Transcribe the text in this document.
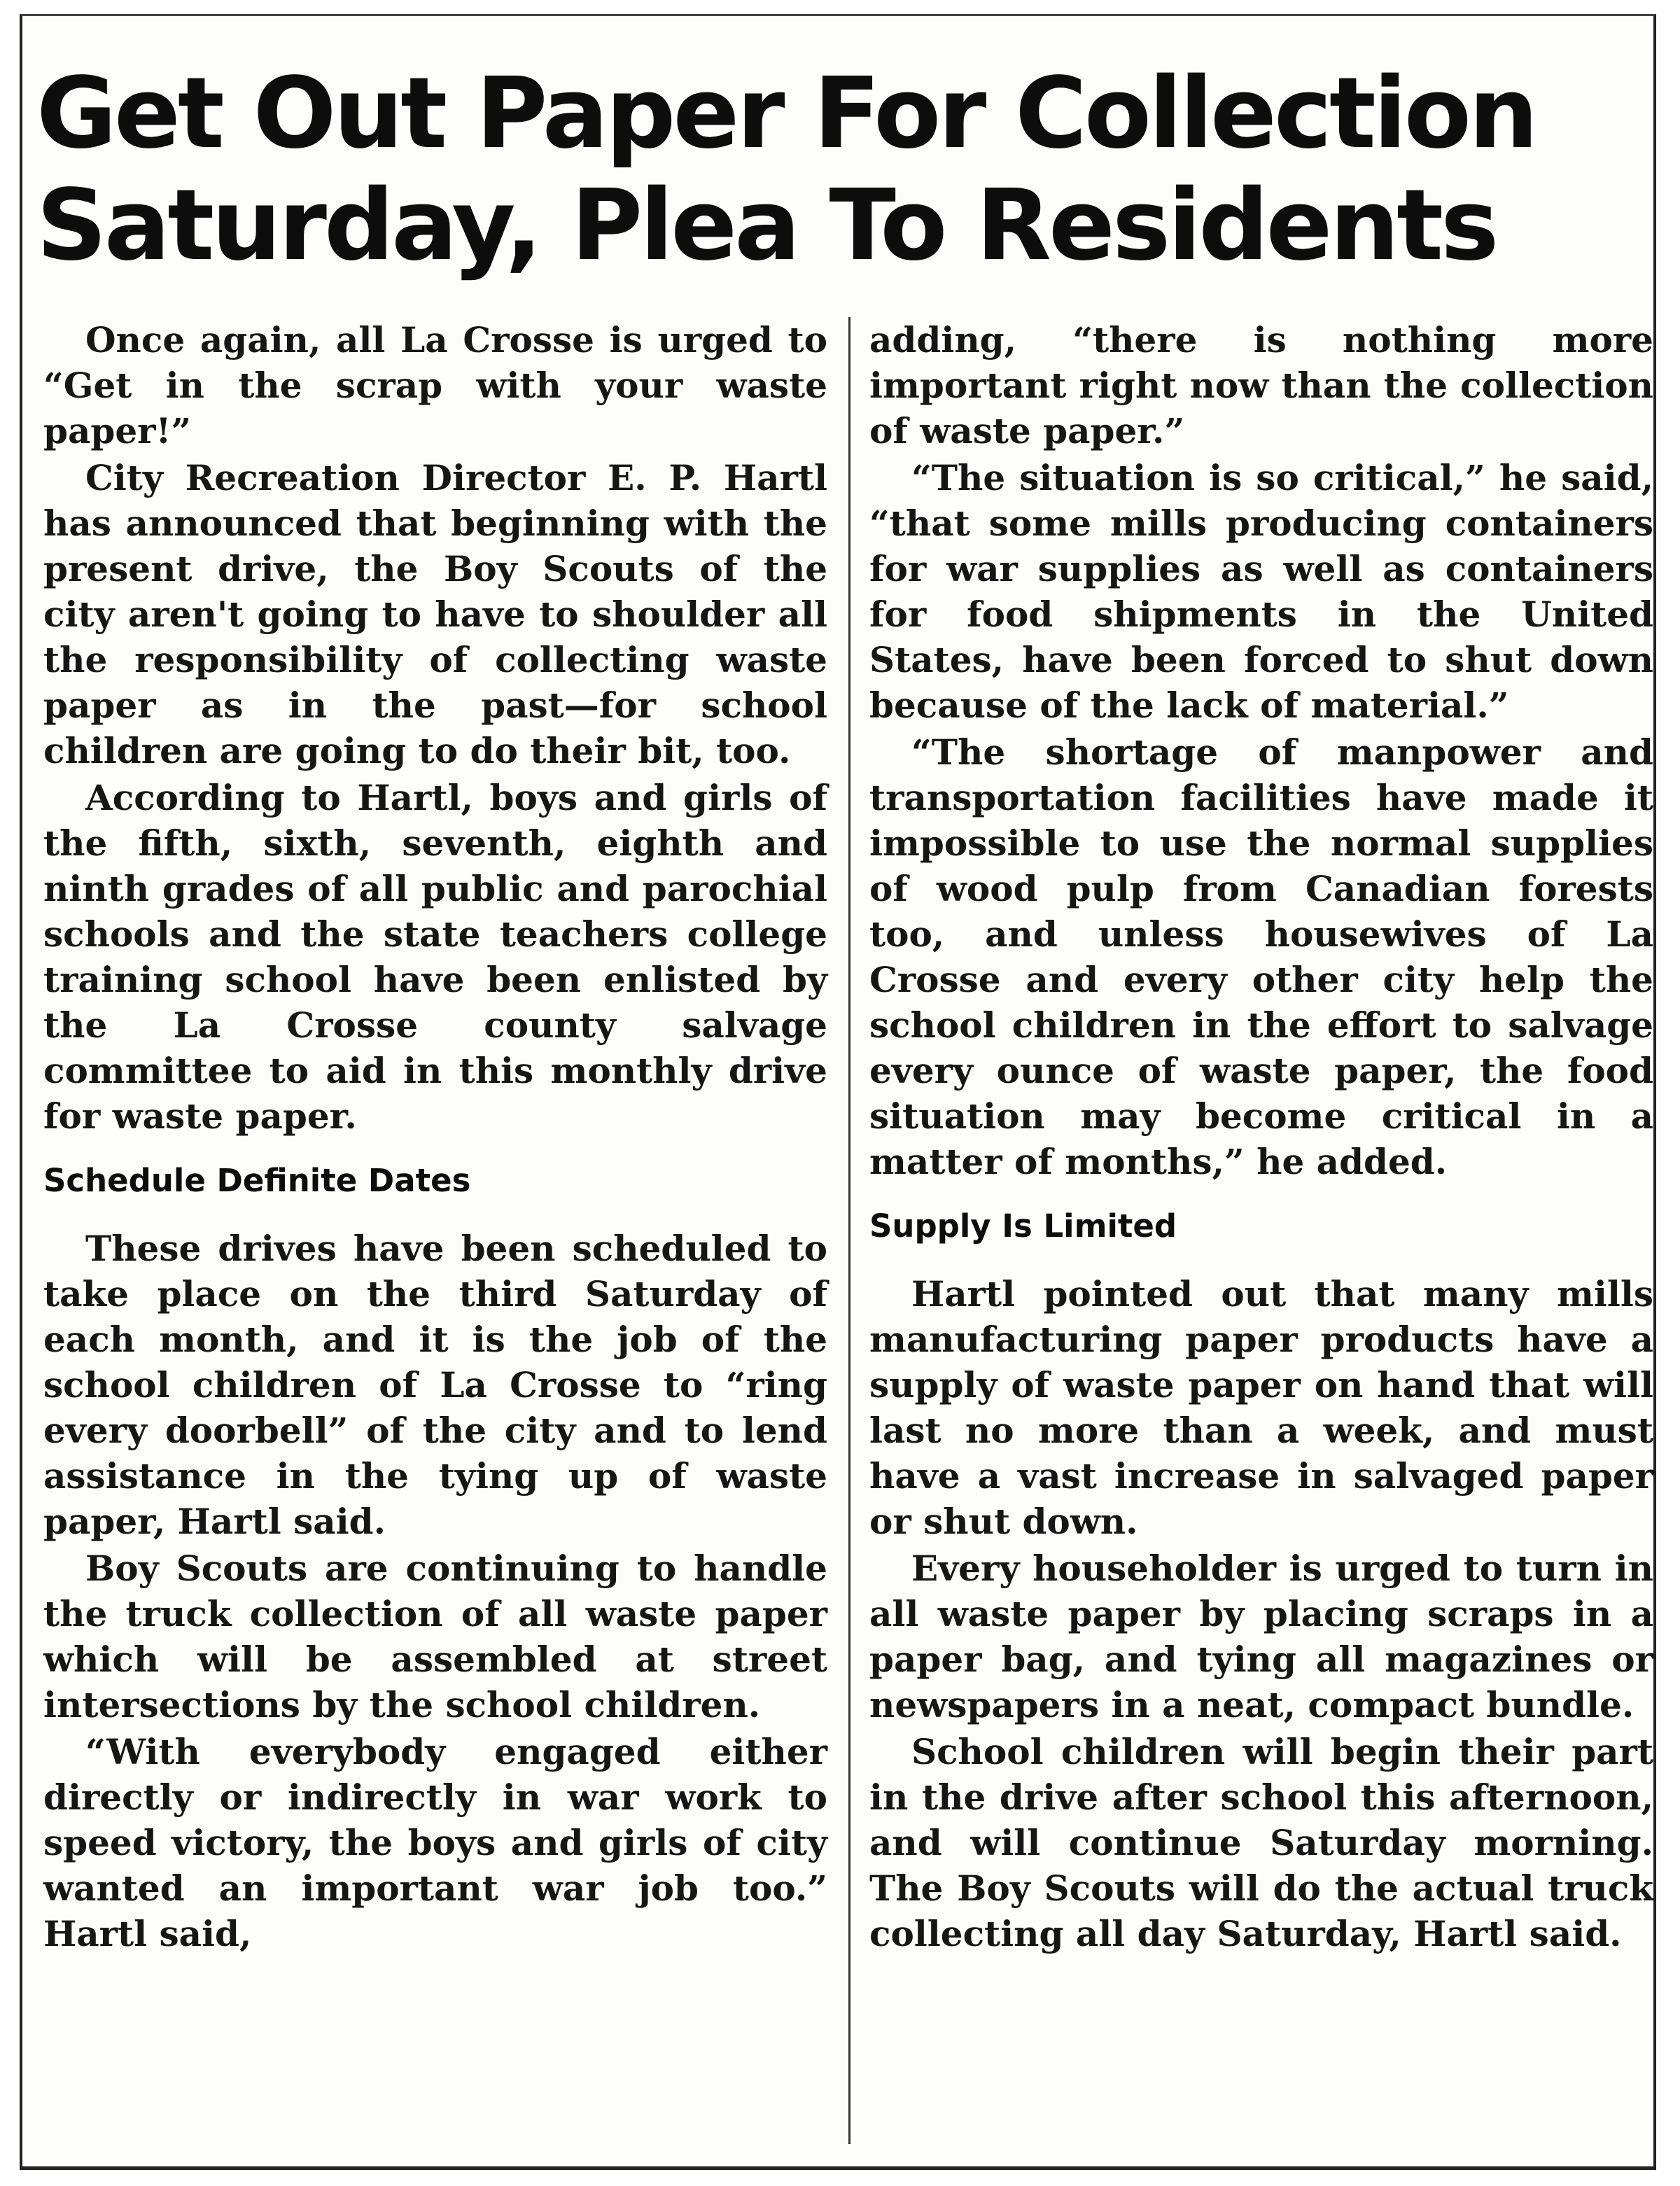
Get Out Paper For Collection
Saturday, Plea To Residents

Once again, all La Crosse is urged to “Get in the scrap with your waste paper!”

City Recreation Director E. P. Hartl has announced that beginning with the present drive, the Boy Scouts of the city aren't going to have to shoulder all the responsibility of collecting waste paper as in the past—for school children are going to do their bit, too.

According to Hartl, boys and girls of the fifth, sixth, seventh, eighth and ninth grades of all public and parochial schools and the state teachers college training school have been enlisted by the La Crosse county salvage committee to aid in this monthly drive for waste paper.

Schedule Definite Dates

These drives have been scheduled to take place on the third Saturday of each month, and it is the job of the school children of La Crosse to “ring every doorbell” of the city and to lend assistance in the tying up of waste paper, Hartl said.

Boy Scouts are continuing to handle the truck collection of all waste paper which will be assembled at street intersections by the school children.

“With everybody engaged either directly or indirectly in war work to speed victory, the boys and girls of city wanted an important war job too.” Hartl said,

adding, “there is nothing more important right now than the collection of waste paper.”

“The situation is so critical,” he said, “that some mills producing containers for war supplies as well as containers for food shipments in the United States, have been forced to shut down because of the lack of material.”

“The shortage of manpower and transportation facilities have made it impossible to use the normal supplies of wood pulp from Canadian forests too, and unless housewives of La Crosse and every other city help the school children in the effort to salvage every ounce of waste paper, the food situation may become critical in a matter of months,” he added.

Supply Is Limited

Hartl pointed out that many mills manufacturing paper products have a supply of waste paper on hand that will last no more than a week, and must have a vast increase in salvaged paper or shut down.

Every householder is urged to turn in all waste paper by placing scraps in a paper bag, and tying all magazines or newspapers in a neat, compact bundle.

School children will begin their part in the drive after school this afternoon, and will continue Saturday morning. The Boy Scouts will do the actual truck collecting all day Saturday, Hartl said.
